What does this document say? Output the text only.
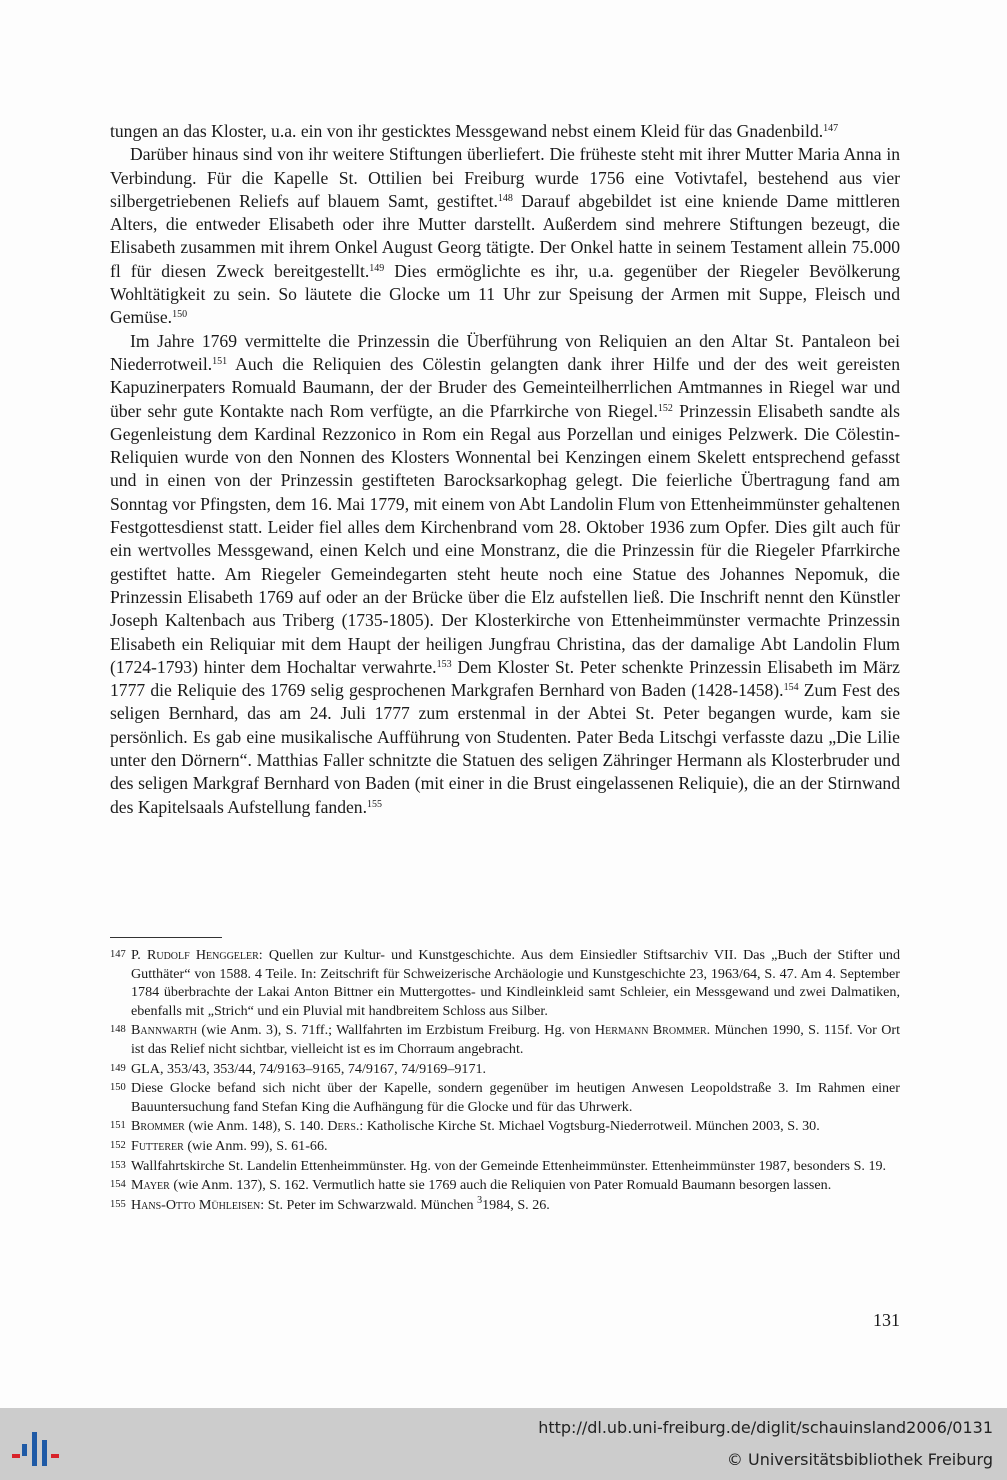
tungen an das Kloster, u.a. ein von ihr gesticktes Messgewand nebst einem Kleid für das Gnadenbild.$^{147}$

Darüber hinaus sind von ihr weitere Stiftungen überliefert. Die früheste steht mit ihrer Mutter Maria Anna in Verbindung. Für die Kapelle St. Ottilien bei Freiburg wurde 1756 eine Votivtafel, bestehend aus vier silbergetriebenen Reliefs auf blauem Samt, gestiftet.$^{148}$ Darauf abgebildet ist eine kniende Dame mittleren Alters, die entweder Elisabeth oder ihre Mutter darstellt. Außerdem sind mehrere Stiftungen bezeugt, die Elisabeth zusammen mit ihrem Onkel August Georg tätigte. Der Onkel hatte in seinem Testament allein 75.000 fl für diesen Zweck bereitgestellt.$^{149}$ Dies ermöglichte es ihr, u.a. gegenüber der Riegeler Bevölkerung Wohltätigkeit zu sein. So läutete die Glocke um 11 Uhr zur Speisung der Armen mit Suppe, Fleisch und Gemüse.$^{150}$

Im Jahre 1769 vermittelte die Prinzessin die Überführung von Reliquien an den Altar St. Pantaleon bei Niederrotweil.$^{151}$ Auch die Reliquien des Cölestin gelangten dank ihrer Hilfe und der des weit gereisten Kapuzinerpaters Romuald Baumann, der der Bruder des Gemeinteilherrlichen Amtmannes in Riegel war und über sehr gute Kontakte nach Rom verfügte, an die Pfarrkirche von Riegel.$^{152}$ Prinzessin Elisabeth sandte als Gegenleistung dem Kardinal Rezzonico in Rom ein Regal aus Porzellan und einiges Pelzwerk. Die Cölestin-Reliquien wurde von den Nonnen des Klosters Wonnental bei Kenzingen einem Skelett entsprechend gefasst und in einen von der Prinzessin gestifteten Barocksarkophag gelegt. Die feierliche Übertragung fand am Sonntag vor Pfingsten, dem 16. Mai 1779, mit einem von Abt Landolin Flum von Ettenheimmünster gehaltenen Festgottesdienst statt. Leider fiel alles dem Kirchenbrand vom 28. Oktober 1936 zum Opfer. Dies gilt auch für ein wertvolles Messgewand, einen Kelch und eine Monstranz, die die Prinzessin für die Riegeler Pfarrkirche gestiftet hatte. Am Riegeler Gemeindegarten steht heute noch eine Statue des Johannes Nepomuk, die Prinzessin Elisabeth 1769 auf oder an der Brücke über die Elz aufstellen ließ. Die Inschrift nennt den Künstler Joseph Kaltenbach aus Triberg (1735-1805). Der Klosterkirche von Ettenheimmünster vermachte Prinzessin Elisabeth ein Reliquiar mit dem Haupt der heiligen Jungfrau Christina, das der damalige Abt Landolin Flum (1724-1793) hinter dem Hochaltar verwahrte.$^{153}$ Dem Kloster St. Peter schenkte Prinzessin Elisabeth im März 1777 die Reliquie des 1769 selig gesprochenen Markgrafen Bernhard von Baden (1428-1458).$^{154}$ Zum Fest des seligen Bernhard, das am 24. Juli 1777 zum erstenmal in der Abtei St. Peter begangen wurde, kam sie persönlich. Es gab eine musikalische Aufführung von Studenten. Pater Beda Litschgi verfasste dazu „Die Lilie unter den Dörnern“. Matthias Faller schnitzte die Statuen des seligen Zähringer Hermann als Klosterbruder und des seligen Markgraf Bernhard von Baden (mit einer in die Brust eingelassenen Reliquie), die an der Stirnwand des Kapitelsaals Aufstellung fanden.$^{155}$

147 P. Rudolf Henggeler: Quellen zur Kultur- und Kunstgeschichte. Aus dem Einsiedler Stiftsarchiv VII. Das „Buch der Stifter und Gutthäter“ von 1588. 4 Teile. In: Zeitschrift für Schweizerische Archäologie und Kunstgeschichte 23, 1963/64, S. 47. Am 4. September 1784 überbrachte der Lakai Anton Bittner ein Muttergottes- und Kindleinkleid samt Schleier, ein Messgewand und zwei Dalmatiken, ebenfalls mit „Strich“ und ein Pluvial mit handbreitem Schloss aus Silber.
148 Bannwarth (wie Anm. 3), S. 71ff.; Wallfahrten im Erzbistum Freiburg. Hg. von Hermann Brommer. München 1990, S. 115f. Vor Ort ist das Relief nicht sichtbar, vielleicht ist es im Chorraum angebracht.
149 GLA, 353/43, 353/44, 74/9163–9165, 74/9167, 74/9169–9171.
150 Diese Glocke befand sich nicht über der Kapelle, sondern gegenüber im heutigen Anwesen Leopoldstraße 3. Im Rahmen einer Bauuntersuchung fand Stefan King die Aufhängung für die Glocke und für das Uhrwerk.
151 Brommer (wie Anm. 148), S. 140. Ders.: Katholische Kirche St. Michael Vogtsburg-Niederrotweil. München 2003, S. 30.
152 Futterer (wie Anm. 99), S. 61-66.
153 Wallfahrtskirche St. Landelin Ettenheimmünster. Hg. von der Gemeinde Ettenheimmünster. Ettenheimmünster 1987, besonders S. 19.
154 Mayer (wie Anm. 137), S. 162. Vermutlich hatte sie 1769 auch die Reliquien von Pater Romuald Baumann besorgen lassen.
155 Hans-Otto Mühleisen: St. Peter im Schwarzwald. München $^3$1984, S. 26.
131
http://dl.ub.uni-freiburg.de/diglit/schauinsland2006/0131
© Universitätsbibliothek Freiburg
